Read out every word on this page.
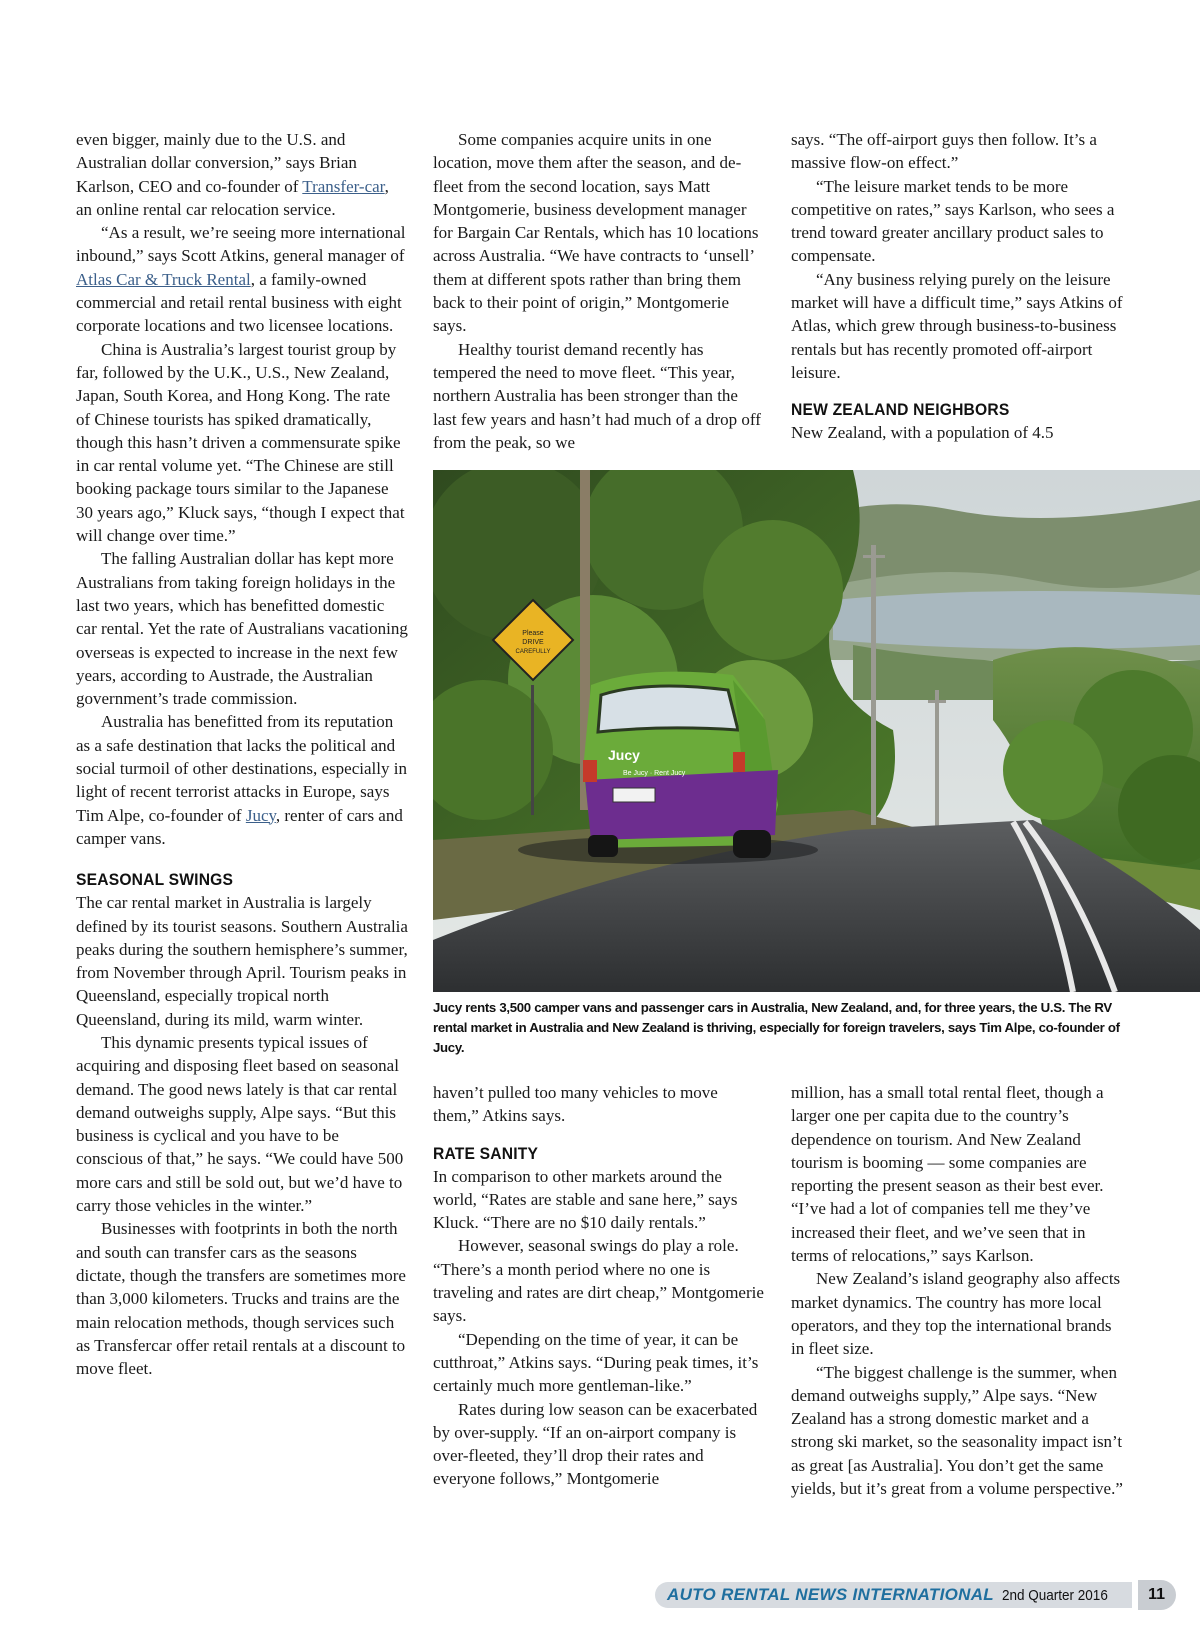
even bigger, mainly due to the U.S. and Australian dollar conversion,” says Brian Karlson, CEO and co-founder of Transfer-car, an online rental car relocation service.

“As a result, we’re seeing more international inbound,” says Scott Atkins, general manager of Atlas Car & Truck Rental, a family-owned commercial and retail rental business with eight corporate locations and two licensee locations.

China is Australia’s largest tourist group by far, followed by the U.K., U.S., New Zealand, Japan, South Korea, and Hong Kong. The rate of Chinese tourists has spiked dramatically, though this hasn’t driven a commensurate spike in car rental volume yet. “The Chinese are still booking package tours similar to the Japanese 30 years ago,” Kluck says, “though I expect that will change over time.”

The falling Australian dollar has kept more Australians from taking foreign holidays in the last two years, which has benefitted domestic car rental. Yet the rate of Australians vacationing overseas is expected to increase in the next few years, according to Austrade, the Australian government’s trade commission.

Australia has benefitted from its reputation as a safe destination that lacks the political and social turmoil of other destinations, especially in light of recent terrorist attacks in Europe, says Tim Alpe, co-founder of Jucy, renter of cars and camper vans.

SEASONAL SWINGS

The car rental market in Australia is largely defined by its tourist seasons. Southern Australia peaks during the southern hemisphere’s summer, from November through April. Tourism peaks in Queensland, especially tropical north Queensland, during its mild, warm winter.

This dynamic presents typical issues of acquiring and disposing fleet based on seasonal demand. The good news lately is that car rental demand outweighs supply, Alpe says. “But this business is cyclical and you have to be conscious of that,” he says. “We could have 500 more cars and still be sold out, but we’d have to carry those vehicles in the winter.”

Businesses with footprints in both the north and south can transfer cars as the seasons dictate, though the transfers are sometimes more than 3,000 kilometers. Trucks and trains are the main relocation methods, though services such as Transfercar offer retail rentals at a discount to move fleet.

Some companies acquire units in one location, move them after the season, and de-fleet from the second location, says Matt Montgomerie, business development manager for Bargain Car Rentals, which has 10 locations across Australia. “We have contracts to ‘unsell’ them at different spots rather than bring them back to their point of origin,” Montgomerie says.

Healthy tourist demand recently has tempered the need to move fleet. “This year, northern Australia has been stronger than the last few years and hasn’t had much of a drop off from the peak, so we

says. “The off-airport guys then follow. It’s a massive flow-on effect.”

“The leisure market tends to be more competitive on rates,” says Karlson, who sees a trend toward greater ancillary product sales to compensate.

“Any business relying purely on the leisure market will have a difficult time,” says Atkins of Atlas, which grew through business-to-business rentals but has recently promoted off-airport leisure.

NEW ZEALAND NEIGHBORS

New Zealand, with a population of 4.5

Please
DRIVE
CAREFULLY
Jucy
Be Jucy · Rent Jucy
Jucy rents 3,500 camper vans and passenger cars in Australia, New Zealand, and, for three years, the U.S. The RV rental market in Australia and New Zealand is thriving, especially for foreign travelers, says Tim Alpe, co-founder of Jucy.

haven’t pulled too many vehicles to move them,” Atkins says.

RATE SANITY

In comparison to other markets around the world, “Rates are stable and sane here,” says Kluck. “There are no $10 daily rentals.”

However, seasonal swings do play a role. “There’s a month period where no one is traveling and rates are dirt cheap,” Montgomerie says.

“Depending on the time of year, it can be cutthroat,” Atkins says. “During peak times, it’s certainly much more gentleman-like.”

Rates during low season can be exacerbated by over-supply. “If an on-airport company is over-fleeted, they’ll drop their rates and everyone follows,” Montgomerie

million, has a small total rental fleet, though a larger one per capita due to the country’s dependence on tourism. And New Zealand tourism is booming — some companies are reporting the present season as their best ever. “I’ve had a lot of companies tell me they’ve increased their fleet, and we’ve seen that in terms of relocations,” says Karlson.

New Zealand’s island geography also affects market dynamics. The country has more local operators, and they top the international brands in fleet size.

“The biggest challenge is the summer, when demand outweighs supply,” Alpe says. “New Zealand has a strong domestic market and a strong ski market, so the seasonality impact isn’t as great [as Australia]. You don’t get the same yields, but it’s great from a volume perspective.”

AUTO RENTAL NEWS INTERNATIONAL 2nd Quarter 2016	11
